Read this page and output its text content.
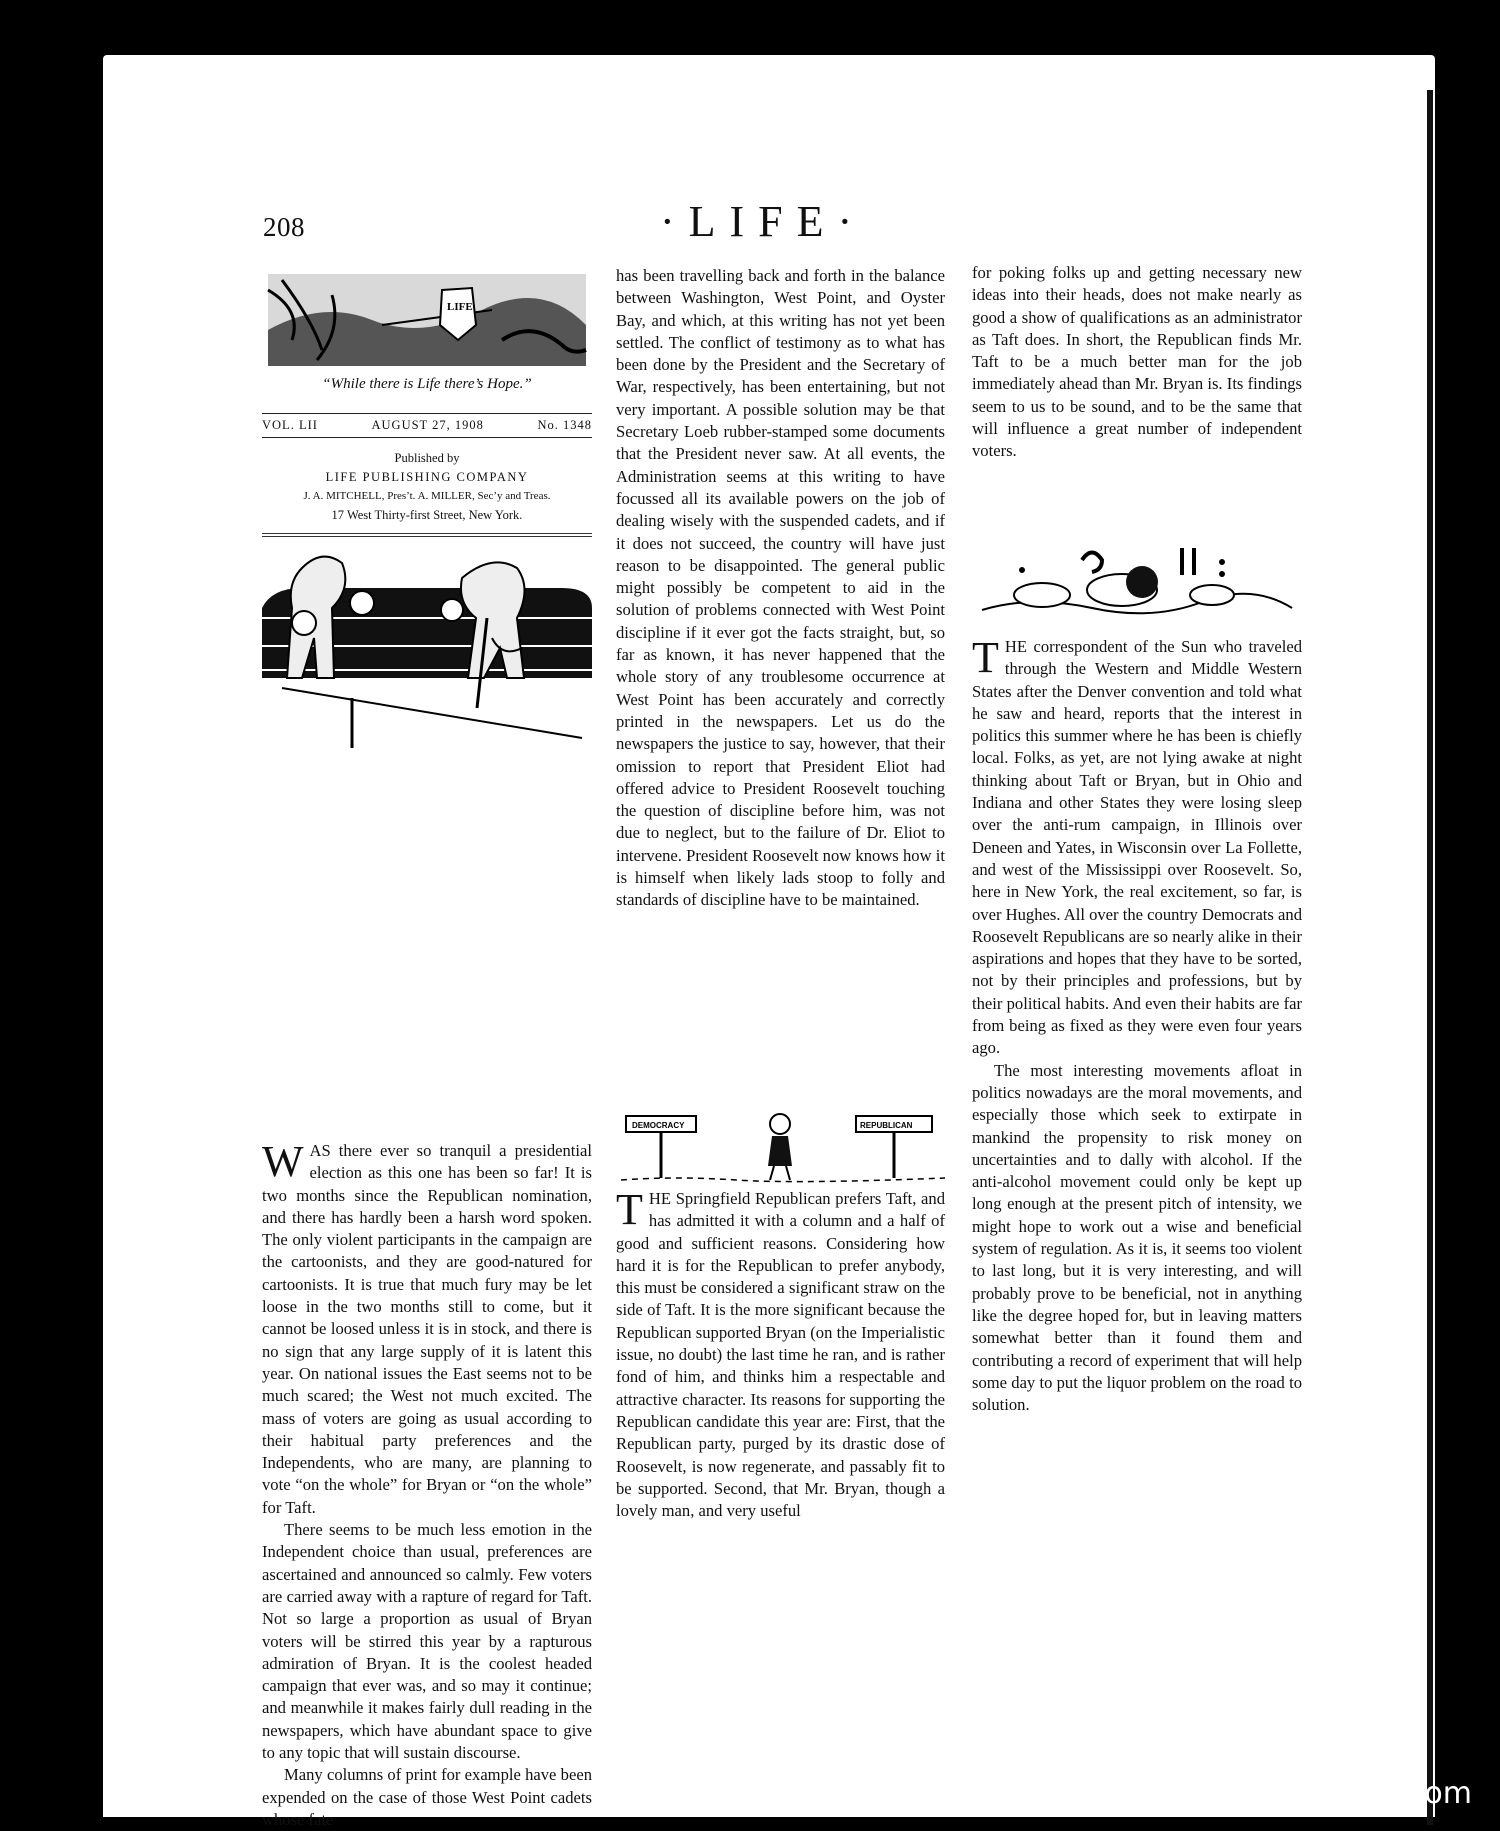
208	·LIFE·
LIFE
“While there is Life there’s Hope.”
VOL. LII	AUGUST 27, 1908	No. 1348
Published by
LIFE PUBLISHING COMPANY
J. A. MITCHELL, Pres’t. A. MILLER, Sec’y and Treas.
17 West Thirty-first Street, New York.

WAS there ever so tranquil a presidential election as this one has been so far! It is two months since the Republican nomination, and there has hardly been a harsh word spoken. The only violent participants in the campaign are the cartoonists, and they are good-natured for cartoonists. It is true that much fury may be let loose in the two months still to come, but it cannot be loosed unless it is in stock, and there is no sign that any large supply of it is latent this year. On national issues the East seems not to be much scared; the West not much excited. The mass of voters are going as usual according to their habitual party preferences and the Independents, who are many, are planning to vote “on the whole” for Bryan or “on the whole” for Taft.

There seems to be much less emotion in the Independent choice than usual, preferences are ascertained and announced so calmly. Few voters are carried away with a rapture of regard for Taft. Not so large a proportion as usual of Bryan voters will be stirred this year by a rapturous admiration of Bryan. It is the coolest headed campaign that ever was, and so may it continue; and meanwhile it makes fairly dull reading in the newspapers, which have abundant space to give to any topic that will sustain discourse.

Many columns of print for example have been expended on the case of those West Point cadets whose fate

has been travelling back and forth in the balance between Washington, West Point, and Oyster Bay, and which, at this writing has not yet been settled. The conflict of testimony as to what has been done by the President and the Secretary of War, respectively, has been entertaining, but not very important. A possible solution may be that Secretary Loeb rubber-stamped some documents that the President never saw. At all events, the Administration seems at this writing to have focussed all its available powers on the job of dealing wisely with the suspended cadets, and if it does not succeed, the country will have just reason to be disappointed. The general public might possibly be competent to aid in the solution of problems connected with West Point discipline if it ever got the facts straight, but, so far as known, it has never happened that the whole story of any troublesome occurrence at West Point has been accurately and correctly printed in the newspapers. Let us do the newspapers the justice to say, however, that their omission to report that President Eliot had offered advice to President Roosevelt touching the question of discipline before him, was not due to neglect, but to the failure of Dr. Eliot to intervene. President Roosevelt now knows how it is himself when likely lads stoop to folly and standards of discipline have to be maintained.

DEMOCRACY	REPUBLICAN

THE Springfield Republican prefers Taft, and has admitted it with a column and a half of good and sufficient reasons. Considering how hard it is for the Republican to prefer anybody, this must be considered a significant straw on the side of Taft. It is the more significant because the Republican supported Bryan (on the Imperialistic issue, no doubt) the last time he ran, and is rather fond of him, and thinks him a respectable and attractive character. Its reasons for supporting the Republican candidate this year are: First, that the Republican party, purged by its drastic dose of Roosevelt, is now regenerate, and passably fit to be supported. Second, that Mr. Bryan, though a lovely man, and very useful

for poking folks up and getting necessary new ideas into their heads, does not make nearly as good a show of qualifications as an administrator as Taft does. In short, the Republican finds Mr. Taft to be a much better man for the job immediately ahead than Mr. Bryan is. Its findings seem to us to be sound, and to be the same that will influence a great number of independent voters.

THE correspondent of the Sun who traveled through the Western and Middle Western States after the Denver convention and told what he saw and heard, reports that the interest in politics this summer where he has been is chiefly local. Folks, as yet, are not lying awake at night thinking about Taft or Bryan, but in Ohio and Indiana and other States they were losing sleep over the anti-rum campaign, in Illinois over Deneen and Yates, in Wisconsin over La Follette, and west of the Mississippi over Roosevelt. So, here in New York, the real excitement, so far, is over Hughes. All over the country Democrats and Roosevelt Republicans are so nearly alike in their aspirations and hopes that they have to be sorted, not by their principles and professions, but by their political habits. And even their habits are far from being as fixed as they were even four years ago.

The most interesting movements afloat in politics nowadays are the moral movements, and especially those which seek to extirpate in mankind the propensity to risk money on uncertainties and to dally with alcohol. If the anti-alcohol movement could only be kept up long enough at the present pitch of intensity, we might hope to work out a wise and beneficial system of regulation. As it is, it seems too violent to last long, but it is very interesting, and will probably prove to be beneficial, not in anything like the degree hoped for, but in leaving matters somewhat better than it found them and contributing a record of experiment that will help some day to put the liquor problem on the road to solution.

comicbooks.com
